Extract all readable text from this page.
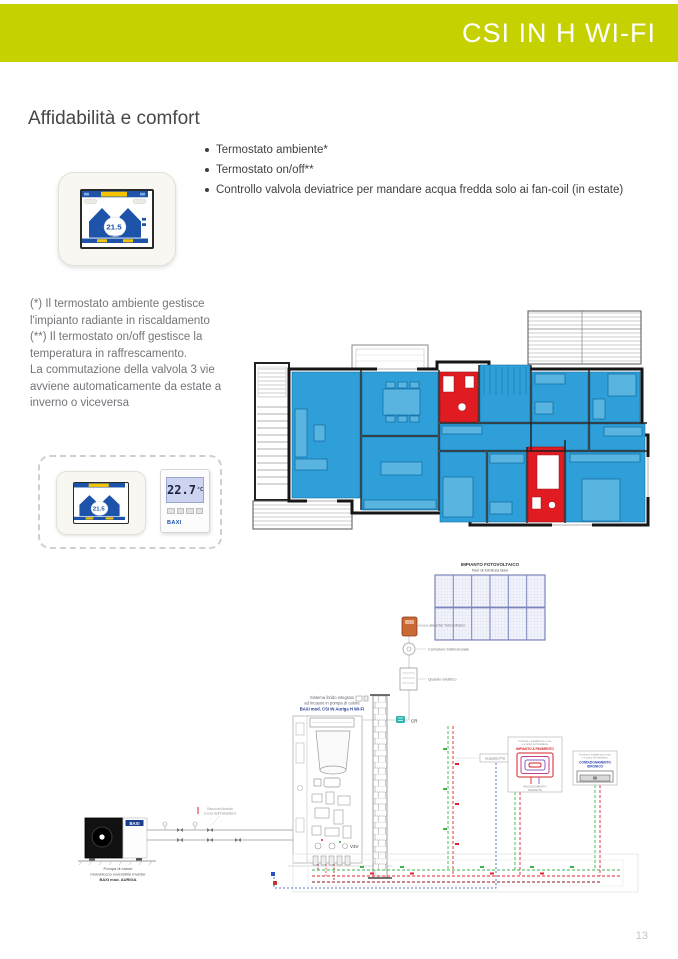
CSI IN H WI-FI
Affidabilità e comfort
21.5
PROGRAMMA AUTOMATICO
Termostato ambiente*
Termostato on/off**
Controllo valvola deviatrice per mandare acqua fredda solo ai fan-coil (in estate)
(*) Il termostato ambiente gestisce
l'impianto radiante in riscaldamento
(**) Il termostato on/off gestisce la
temperatura in raffrescamento.
La commutazione della valvola 3 vie
avviene automaticamente da estate a
inverno o viceversa
21.5
22.7 °C
BAXI
IMPIANTO FOTOVOLTAICO
Non di fornitura Baxi
Inverter fotovoltaico
Contatore bidirezionale
Quadro elettrico
Sistema ibrido integrato
ad incasso in pompa di calore
BAXI mod. CSI IN Auriga H WI-FI
V3V
CR
BAXI
Pompa di calore
monoblocco reversibile inverter
BAXI mod. AURIGA
Raccordi idraulici
a cura dell'installatore
ACQUEDOTTO
Fornitura e installazione a cura
e a carico dell'installatore
IMPIANTO A PAVIMENTO
RISCALDAMENTO
RADIANTE
Fornitura e installazione a cura
e a carico dell'installatore
CONDIZIONAMENTO
IDRONICO
13
